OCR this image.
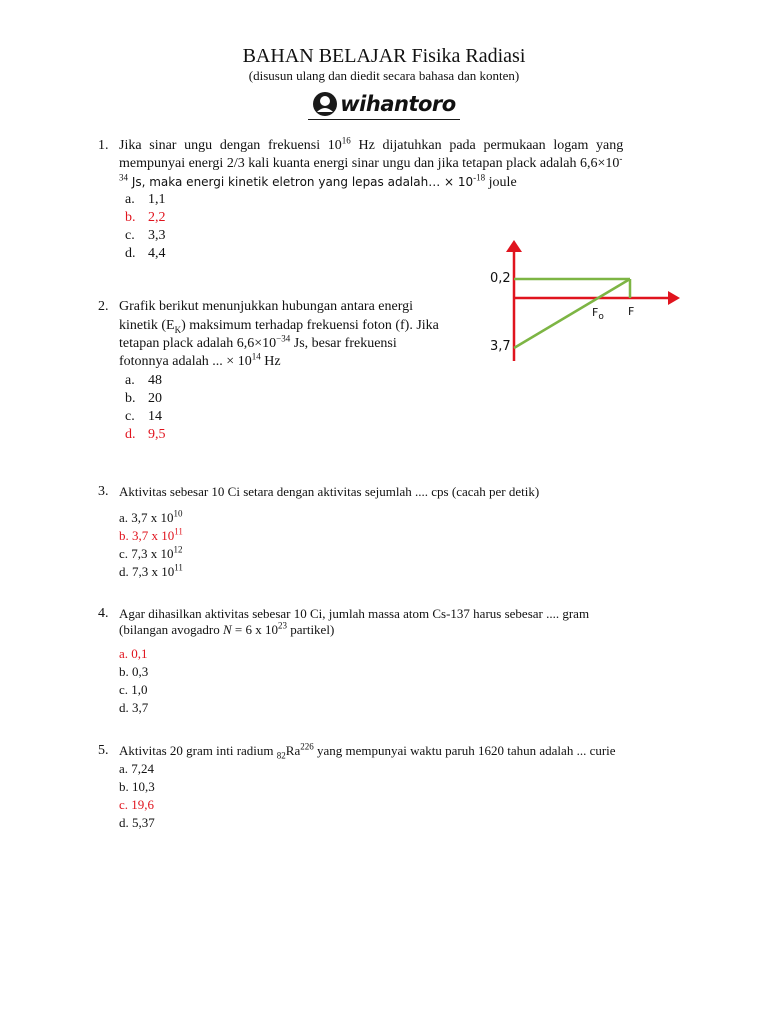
BAHAN BELAJAR Fisika Radiasi
(disusun ulang dan diedit secara bahasa dan konten)
wihantoro
1. Jika sinar ungu dengan frekuensi $10^{16}$ Hz dijatuhkan pada permukaan logam yang
mempunyai energi 2/3 kali kuanta energi sinar ungu dan jika tetapan plack adalah 6,6×10-
$^{34}$ Js, maka energi kinetik eletron yang lepas adalah… × $10^{-18}$ joule
a. 1,1
b. 2,2
c. 3,3
d. 4,4
2. Grafik berikut menunjukkan hubungan antara energi
kinetik $(E_K)$ maksimum terhadap frekuensi foton (f). Jika
tetapan plack adalah $6,6\times 10^{-34}$ Js, besar frekuensi
fotonnya adalah ... × $10^{14}$ Hz
a. 48
b. 20
c. 14
d. 9,5
0,2
3,7
$F_o$ F
3. Aktivitas sebesar 10 Ci setara dengan aktivitas sejumlah .... cps (cacah per detik)
a. 3,7 x $10^{10}$
b. 3,7 x $10^{11}$
c. 7,3 x $10^{12}$
d. 7,3 x $10^{11}$
4. Agar dihasilkan aktivitas sebesar 10 Ci, jumlah massa atom Cs-137 harus sebesar .... gram
(bilangan avogadro N = 6 x $10^{23}$ partikel)
a. 0,1
b. 0,3
c. 1,0
d. 3,7
5. Aktivitas 20 gram inti radium $_{82}Ra^{226}$ yang mempunyai waktu paruh 1620 tahun adalah ... curie
a. 7,24
b. 10,3
c. 19,6
d. 5,37
